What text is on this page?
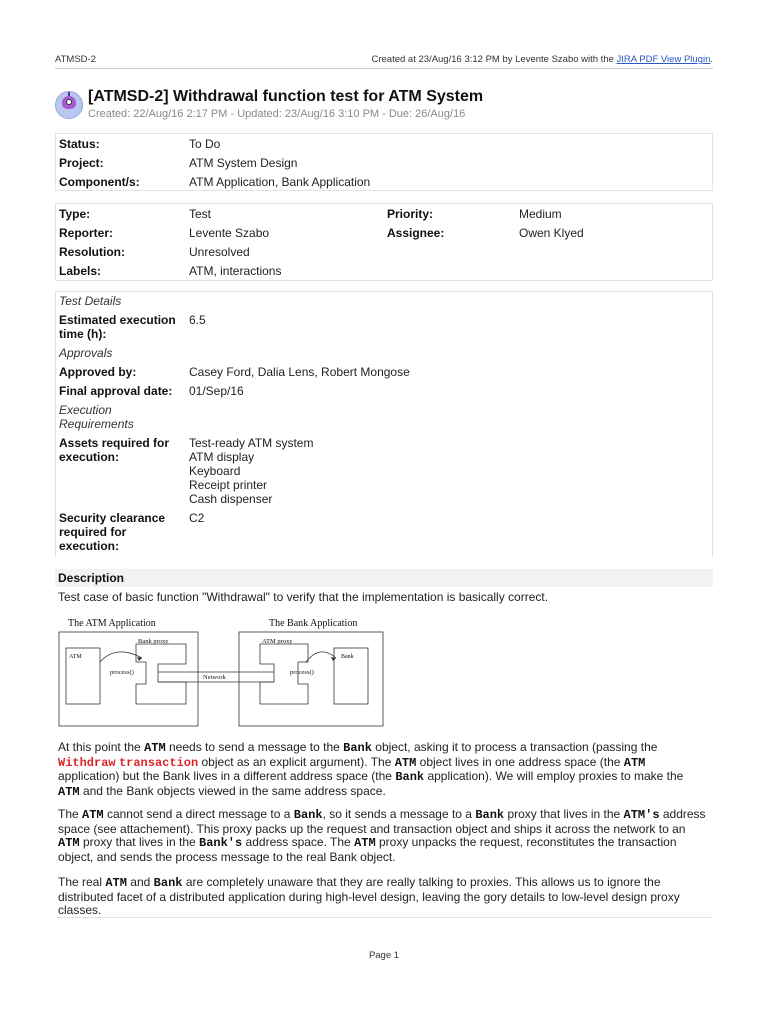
ATMSD-2	Created at 23/Aug/16 3:12 PM by Levente Szabo with the JIRA PDF View Plugin.
[ATMSD-2] Withdrawal function test for ATM System
Created: 22/Aug/16 2:17 PM - Updated: 23/Aug/16 3:10 PM - Due: 26/Aug/16
Status:	To Do
Project:	ATM System Design
Component/s:	ATM Application, Bank Application
Type:	Test	Priority:	Medium
Reporter:	Levente Szabo	Assignee:	Owen Klyed
Resolution:	Unresolved
Labels:	ATM, interactions
Test Details
Estimated execution
time (h):
6.5
Approvals
Approved by:	Casey Ford, Dalia Lens, Robert Mongose
Final approval date: 01/Sep/16
Execution
Requirements
Assets required for
execution:
Test-ready ATM system
ATM display
Keyboard
Receipt printer
Cash dispenser
Security clearance
required for
execution:
C2
Description
Test case of basic function "Withdrawal" to verify that the implementation is basically correct.
The ATM Application	The Bank Application
ATM
Bank proxy
process()
Network
ATM proxy
Bank
process()
At this point the ATM needs to send a message to the Bank object, asking it to process a transaction (passing the Withdraw transaction object as an explicit argument). The ATM object lives in one address space (the ATM application) but the Bank lives in a different address space (the Bank application). We will employ proxies to make the ATM and the Bank objects viewed in the same address space.
The ATM cannot send a direct message to a Bank, so it sends a message to a Bank proxy that lives in the ATM's address space (see attachement). This proxy packs up the request and transaction object and ships it across the network to an ATM proxy that lives in the Bank's address space. The ATM proxy unpacks the request, reconstitutes the transaction object, and sends the process message to the real Bank object.
The real ATM and Bank are completely unaware that they are really talking to proxies. This allows us to ignore the distributed facet of a distributed application during high-level design, leaving the gory details to low-level design proxy classes.
Page 1
